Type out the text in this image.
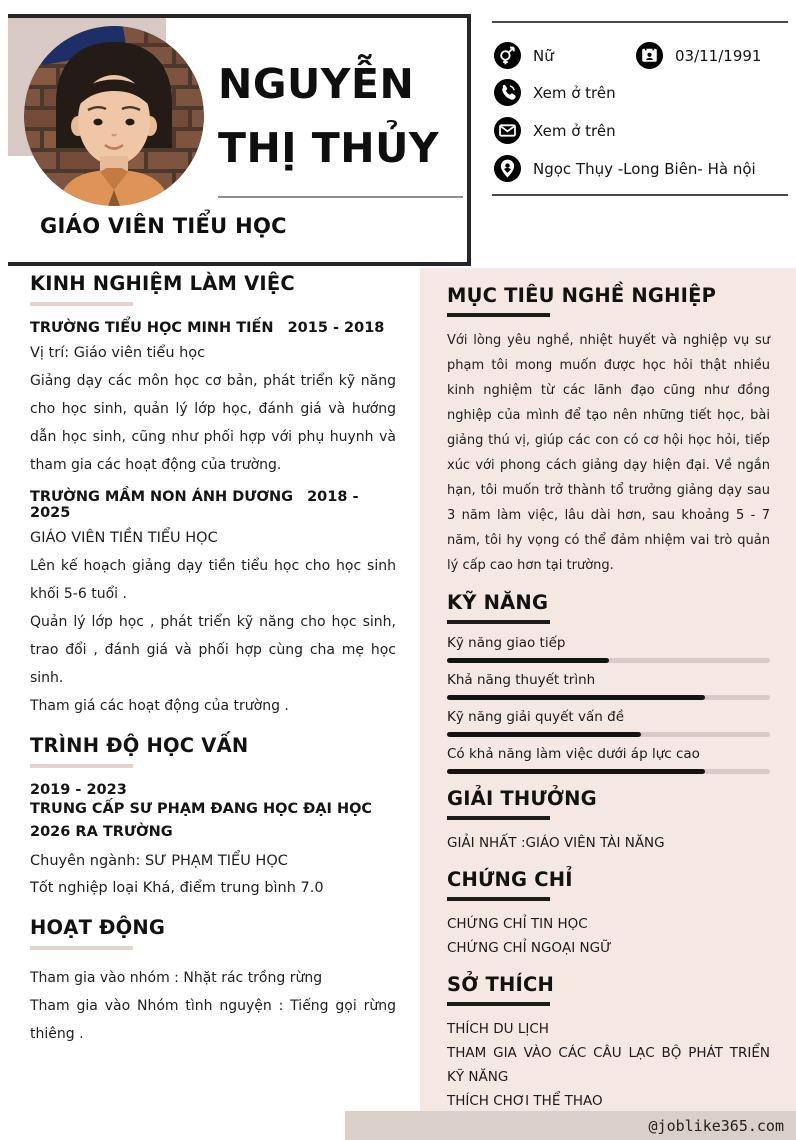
NGUYỄN
THỊ THỦY
GIÁO VIÊN TIỂU HỌC
Nữ	03/11/1991
Xem ở trên
Xem ở trên
Ngọc Thụy -Long Biên- Hà nội
KINH NGHIỆM LÀM VIỆC
TRƯỜNG TIỂU HỌC MINH TIẾN 2015 - 2018
Vị trí: Giáo viên tiểu học

Giảng dạy các môn học cơ bản, phát triển kỹ năng cho học sinh, quản lý lớp học, đánh giá và hướng dẫn học sinh, cũng như phối hợp với phụ huynh và tham gia các hoạt động của trường.

TRƯỜNG MẦM NON ÁNH DƯƠNG 2018 - 2025
GIÁO VIÊN TIỀN TIỂU HỌC

Lên kế hoạch giảng dạy tiền tiểu học cho học sinh khối 5-6 tuổi .

Quản lý lớp học , phát triển kỹ năng cho học sinh, trao đổi , đánh giá và phối hợp cùng cha mẹ học sinh.

Tham giá các hoạt động của trường .

TRÌNH ĐỘ HỌC VẤN
2019 - 2023
TRUNG CẤP SƯ PHẠM ĐANG HỌC ĐẠI HỌC 2026 RA TRƯỜNG
Chuyên ngành: SƯ PHẠM TIỂU HỌC
Tốt nghiệp loại Khá, điểm trung bình 7.0
HOẠT ĐỘNG

Tham gia vào nhóm : Nhặt rác trồng rừng

Tham gia vào Nhóm tình nguyện : Tiếng gọi rừng thiêng .

MỤC TIÊU NGHỀ NGHIỆP

Với lòng yêu nghề, nhiệt huyết và nghiệp vụ sư phạm tôi mong muốn được học hỏi thật nhiều kinh nghiệm từ các lãnh đạo cũng như đồng nghiệp của mình để tạo nên những tiết học, bài giảng thú vị, giúp các con có cơ hội học hỏi, tiếp xúc với phong cách giảng dạy hiện đại. Về ngắn hạn, tôi muốn trở thành tổ trưởng giảng dạy sau 3 năm làm việc, lâu dài hơn, sau khoảng 5 - 7 năm, tôi hy vọng có thể đảm nhiệm vai trò quản lý cấp cao hơn tại trường.

KỸ NĂNG
Kỹ năng giao tiếp
Khả năng thuyết trình
Kỹ năng giải quyết vấn đề
Có khả năng làm việc dưới áp lực cao
GIẢI THƯỞNG
GIẢI NHẤT :GIÁO VIÊN TÀI NĂNG
CHỨNG CHỈ
CHỨNG CHỈ TIN HỌC
CHỨNG CHỈ NGOẠI NGỮ
SỞ THÍCH
THÍCH DU LỊCH
THAM GIA VÀO CÁC CÂU LẠC BỘ PHÁT TRIỂN KỸ NĂNG
THÍCH CHƠI THỂ THAO
@joblike365.com
